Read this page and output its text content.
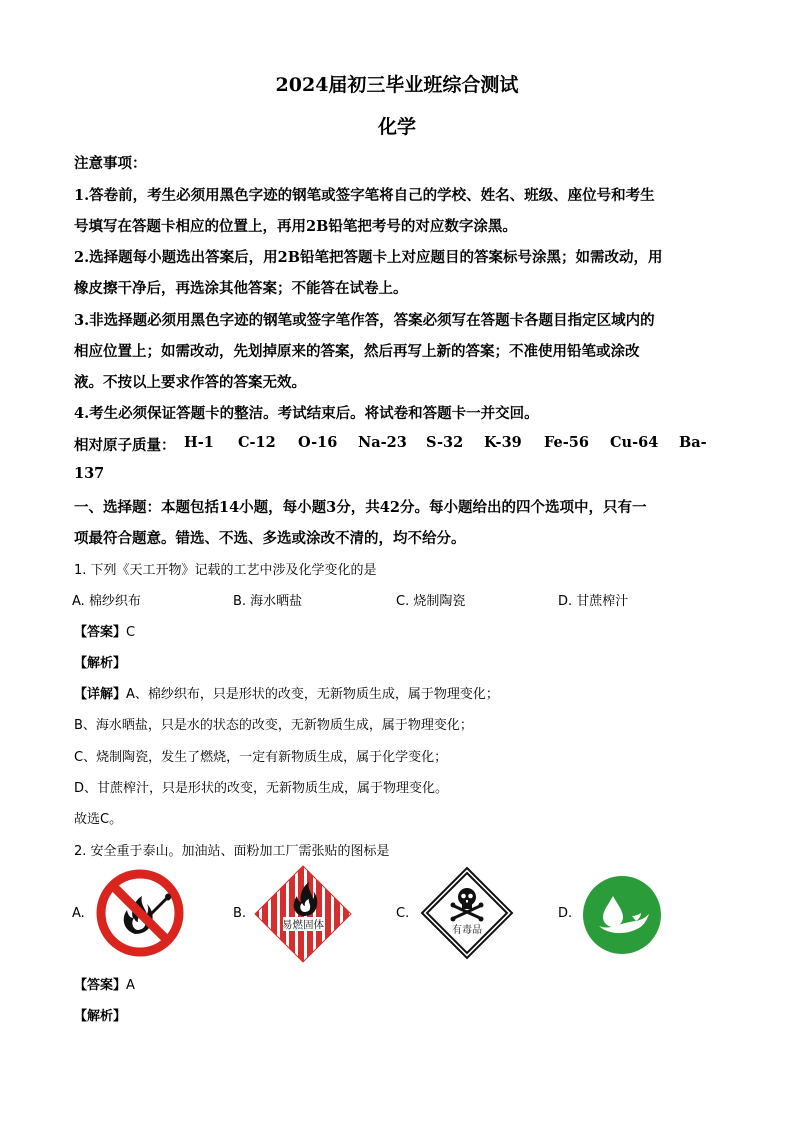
2024届初三毕业班综合测试
化学
注意事项：
1.答卷前，考生必须用黑色字迹的钢笔或签字笔将自己的学校、姓名、班级、座位号和考生
号填写在答题卡相应的位置上，再用2B铅笔把考号的对应数字涂黑。
2.选择题每小题选出答案后，用2B铅笔把答题卡上对应题目的答案标号涂黑；如需改动，用
橡皮擦干净后，再选涂其他答案；不能答在试卷上。
3.非选择题必须用黑色字迹的钢笔或签字笔作答，答案必须写在答题卡各题目指定区域内的
相应位置上；如需改动，先划掉原来的答案，然后再写上新的答案；不准使用铅笔或涂改
液。不按以上要求作答的答案无效。
4.考生必须保证答题卡的整洁。考试结束后。将试卷和答题卡一并交回。
相对原子质量： H-1 C-12 O-16 Na-23 S-32 K-39 Fe-56 Cu-64 Ba-
137
一、选择题：本题包括14小题，每小题3分，共42分。每小题给出的四个选项中，只有一
项最符合题意。错选、不选、多选或涂改不清的，均不给分。
1. 下列《天工开物》记载的工艺中涉及化学变化的是
A. 棉纱织布	B. 海水晒盐	C. 烧制陶瓷	D. 甘蔗榨汁
【答案】C
【解析】
【详解】A、棉纱织布，只是形状的改变，无新物质生成，属于物理变化；
B、海水晒盐，只是水的状态的改变，无新物质生成，属于物理变化；
C、烧制陶瓷，发生了燃烧，一定有新物质生成，属于化学变化；
D、甘蔗榨汁，只是形状的改变，无新物质生成，属于物理变化。
故选C。
2. 安全重于泰山。加油站、面粉加工厂需张贴的图标是
A.	B.	C.	D.
易燃固体	有毒品
【答案】A
【解析】
